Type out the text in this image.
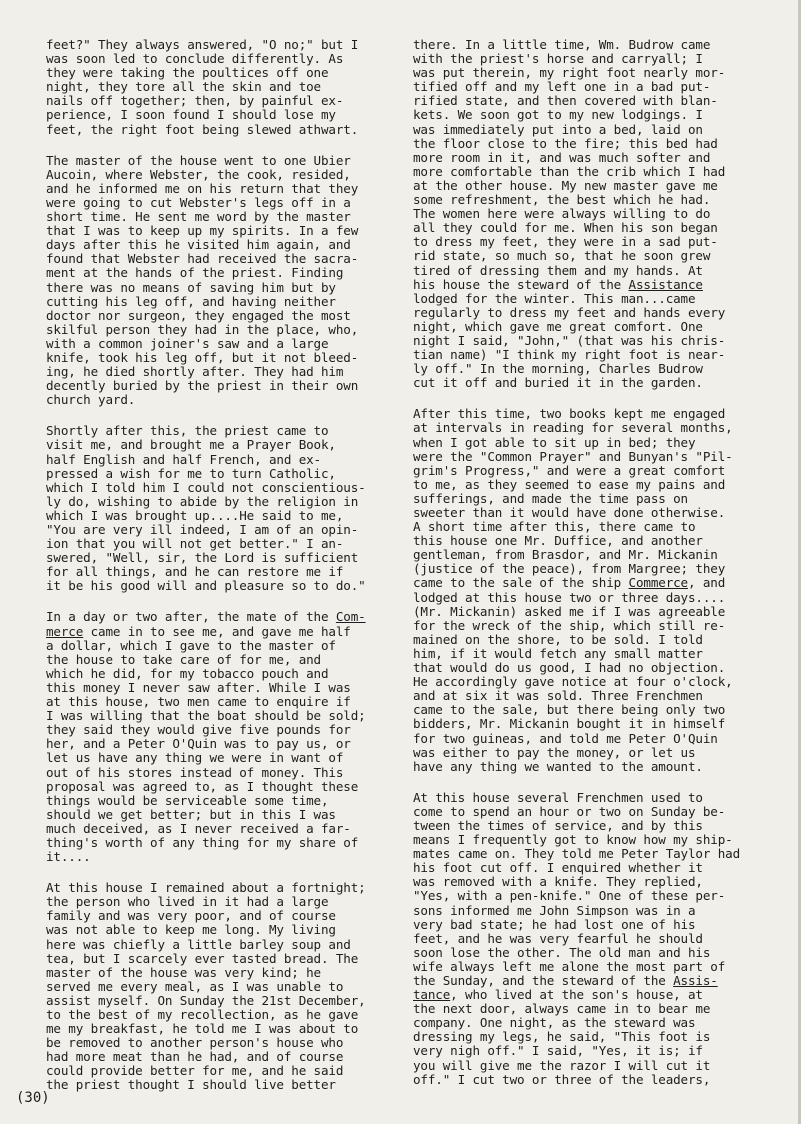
feet?" They always answered, "O no;" but I
was soon led to conclude differently. As
they were taking the poultices off one
night, they tore all the skin and toe
nails off together; then, by painful ex-
perience, I soon found I should lose my
feet, the right foot being slewed athwart.
The master of the house went to one Ubier
Aucoin, where Webster, the cook, resided,
and he informed me on his return that they
were going to cut Webster's legs off in a
short time. He sent me word by the master
that I was to keep up my spirits. In a few
days after this he visited him again, and
found that Webster had received the sacra-
ment at the hands of the priest. Finding
there was no means of saving him but by
cutting his leg off, and having neither
doctor nor surgeon, they engaged the most
skilful person they had in the place, who,
with a common joiner's saw and a large
knife, took his leg off, but it not bleed-
ing, he died shortly after. They had him
decently buried by the priest in their own
church yard.
Shortly after this, the priest came to
visit me, and brought me a Prayer Book,
half English and half French, and ex-
pressed a wish for me to turn Catholic,
which I told him I could not conscientious-
ly do, wishing to abide by the religion in
which I was brought up....He said to me,
"You are very ill indeed, I am of an opin-
ion that you will not get better." I an-
swered, "Well, sir, the Lord is sufficient
for all things, and he can restore me if
it be his good will and pleasure so to do."
In a day or two after, the mate of the Com-
merce came in to see me, and gave me half
a dollar, which I gave to the master of
the house to take care of for me, and
which he did, for my tobacco pouch and
this money I never saw after. While I was
at this house, two men came to enquire if
I was willing that the boat should be sold;
they said they would give five pounds for
her, and a Peter O'Quin was to pay us, or
let us have any thing we were in want of
out of his stores instead of money. This
proposal was agreed to, as I thought these
things would be serviceable some time,
should we get better; but in this I was
much deceived, as I never received a far-
thing's worth of any thing for my share of
it....
At this house I remained about a fortnight;
the person who lived in it had a large
family and was very poor, and of course
was not able to keep me long. My living
here was chiefly a little barley soup and
tea, but I scarcely ever tasted bread. The
master of the house was very kind; he
served me every meal, as I was unable to
assist myself. On Sunday the 21st December,
to the best of my recollection, as he gave
me my breakfast, he told me I was about to
be removed to another person's house who
had more meat than he had, and of course
could provide better for me, and he said
the priest thought I should live better
there. In a little time, Wm. Budrow came
with the priest's horse and carryall; I
was put therein, my right foot nearly mor-
tified off and my left one in a bad put-
rified state, and then covered with blan-
kets. We soon got to my new lodgings. I
was immediately put into a bed, laid on
the floor close to the fire; this bed had
more room in it, and was much softer and
more comfortable than the crib which I had
at the other house. My new master gave me
some refreshment, the best which he had.
The women here were always willing to do
all they could for me. When his son began
to dress my feet, they were in a sad put-
rid state, so much so, that he soon grew
tired of dressing them and my hands. At
his house the steward of the Assistance
lodged for the winter. This man...came
regularly to dress my feet and hands every
night, which gave me great comfort. One
night I said, "John," (that was his chris-
tian name) "I think my right foot is near-
ly off." In the morning, Charles Budrow
cut it off and buried it in the garden.
After this time, two books kept me engaged
at intervals in reading for several months,
when I got able to sit up in bed; they
were the "Common Prayer" and Bunyan's "Pil-
grim's Progress," and were a great comfort
to me, as they seemed to ease my pains and
sufferings, and made the time pass on
sweeter than it would have done otherwise.
A short time after this, there came to
this house one Mr. Duffice, and another
gentleman, from Brasdor, and Mr. Mickanin
(justice of the peace), from Margree; they
came to the sale of the ship Commerce, and
lodged at this house two or three days....
(Mr. Mickanin) asked me if I was agreeable
for the wreck of the ship, which still re-
mained on the shore, to be sold. I told
him, if it would fetch any small matter
that would do us good, I had no objection.
He accordingly gave notice at four o'clock,
and at six it was sold. Three Frenchmen
came to the sale, but there being only two
bidders, Mr. Mickanin bought it in himself
for two guineas, and told me Peter O'Quin
was either to pay the money, or let us
have any thing we wanted to the amount.
At this house several Frenchmen used to
come to spend an hour or two on Sunday be-
tween the times of service, and by this
means I frequently got to know how my ship-
mates came on. They told me Peter Taylor had
his foot cut off. I enquired whether it
was removed with a knife. They replied,
"Yes, with a pen-knife." One of these per-
sons informed me John Simpson was in a
very bad state; he had lost one of his
feet, and he was very fearful he should
soon lose the other. The old man and his
wife always left me alone the most part of
the Sunday, and the steward of the Assis-
tance, who lived at the son's house, at
the next door, always came in to bear me
company. One night, as the steward was
dressing my legs, he said, "This foot is
very nigh off." I said, "Yes, it is; if
you will give me the razor I will cut it
off." I cut two or three of the leaders,
(30)
